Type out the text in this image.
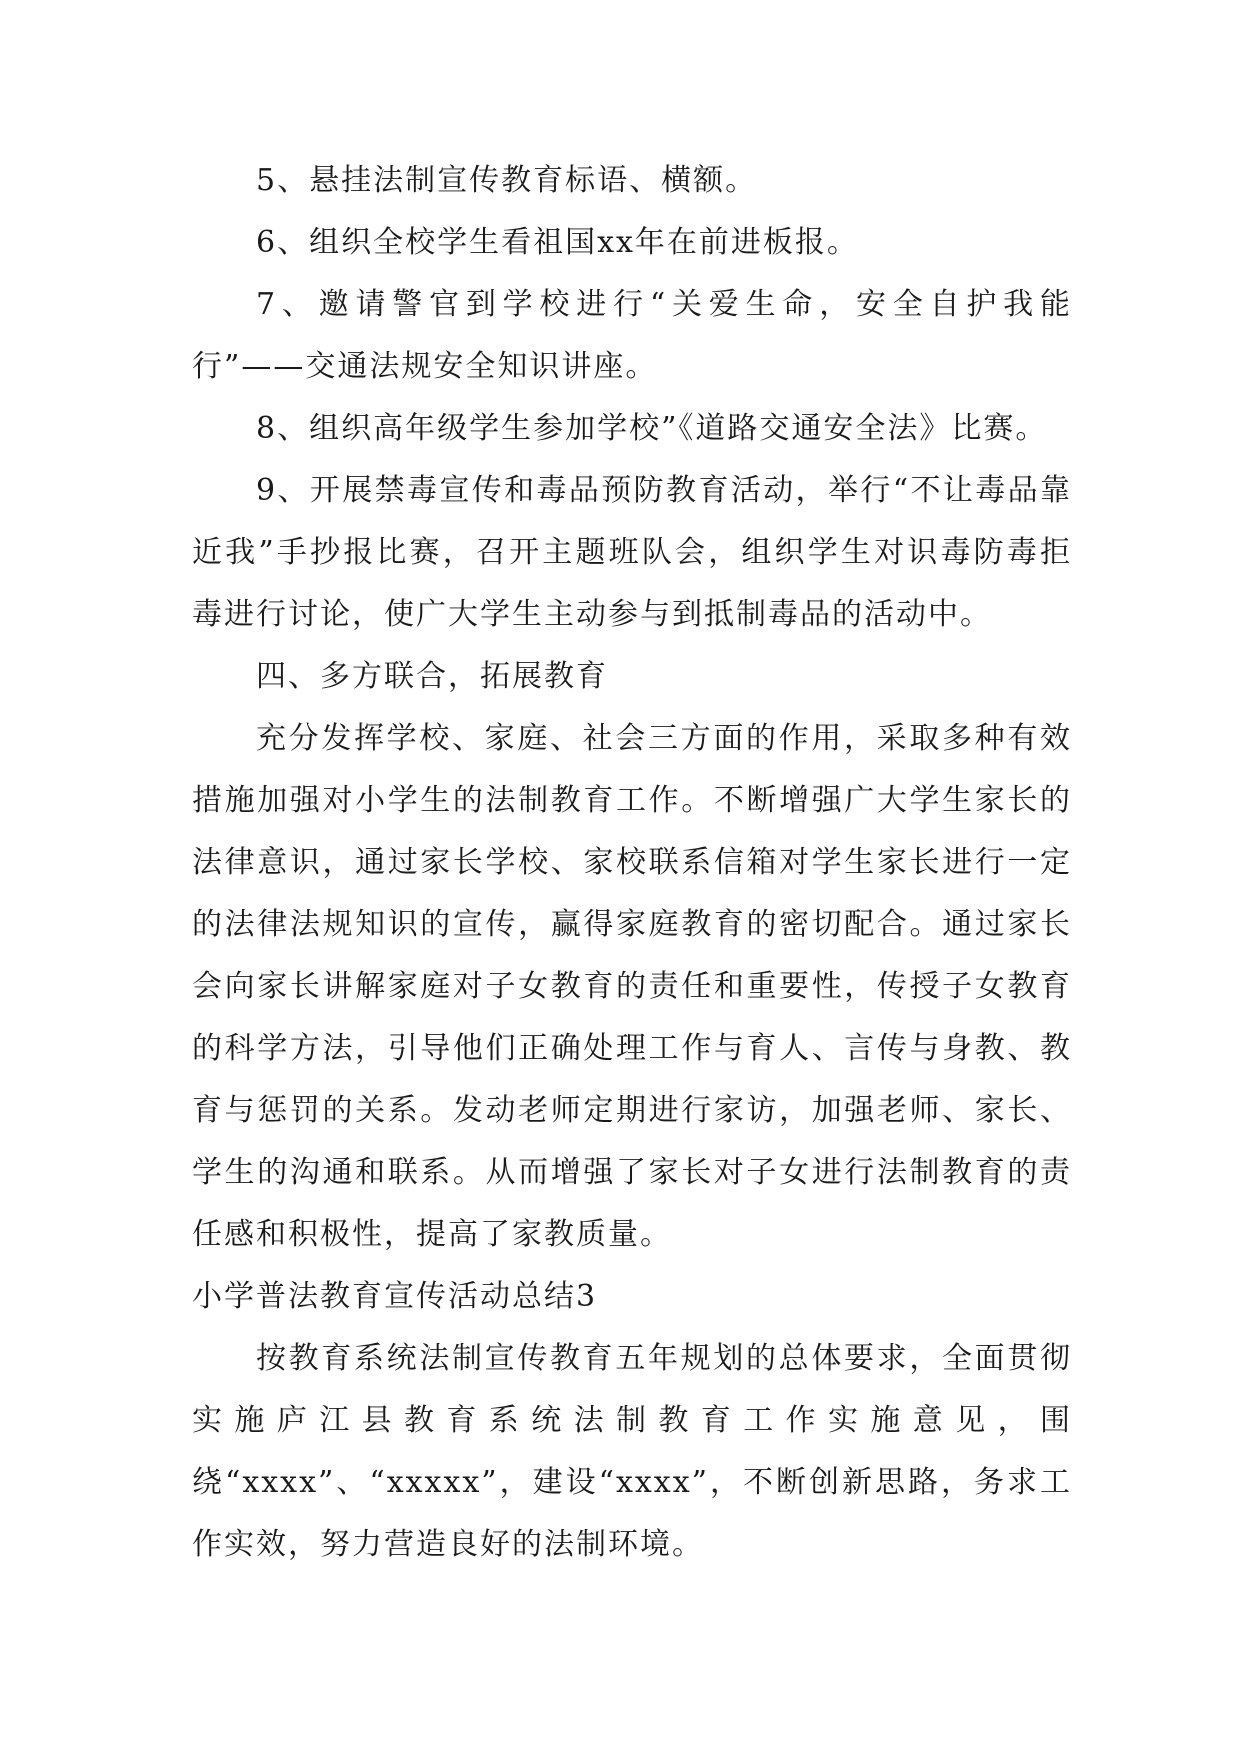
5、悬挂法制宣传教育标语、横额。

6、组织全校学生看祖国xx年在前进板报。

7、邀请警官到学校进行“关爱生命，安全自护我能行”——交通法规安全知识讲座。

8、组织高年级学生参加学校”《道路交通安全法》比赛。

9、开展禁毒宣传和毒品预防教育活动，举行“不让毒品靠近我”手抄报比赛，召开主题班队会，组织学生对识毒防毒拒毒进行讨论，使广大学生主动参与到抵制毒品的活动中。

四、多方联合，拓展教育

充分发挥学校、家庭、社会三方面的作用，采取多种有效措施加强对小学生的法制教育工作。不断增强广大学生家长的法律意识，通过家长学校、家校联系信箱对学生家长进行一定的法律法规知识的宣传，赢得家庭教育的密切配合。通过家长会向家长讲解家庭对子女教育的责任和重要性，传授子女教育的科学方法，引导他们正确处理工作与育人、言传与身教、教育与惩罚的关系。发动老师定期进行家访，加强老师、家长、学生的沟通和联系。从而增强了家长对子女进行法制教育的责任感和积极性，提高了家教质量。

小学普法教育宣传活动总结3

按教育系统法制宣传教育五年规划的总体要求，全面贯彻实施庐江县教育系统法制教育工作实施意见，围绕“xxxx”、“xxxxx”，建设“xxxx”，不断创新思路，务求工作实效，努力营造良好的法制环境。
